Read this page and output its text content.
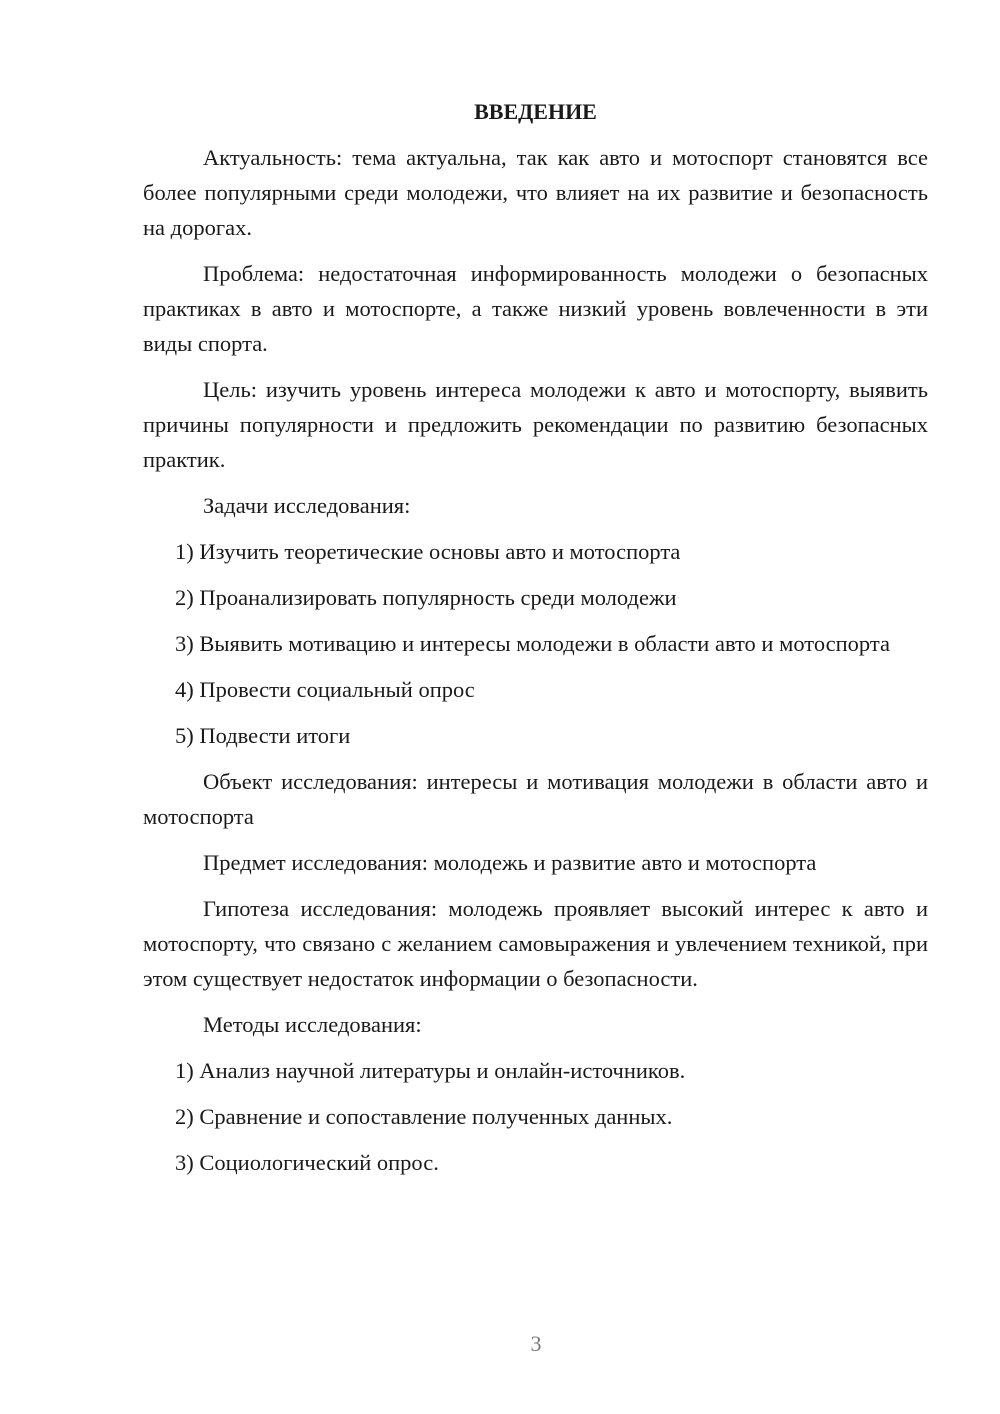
ВВЕДЕНИЕ
Актуальность: тема актуальна, так как авто и мотоспорт становятся все более популярными среди молодежи, что влияет на их развитие и безопасность на дорогах.
Проблема: недостаточная информированность молодежи о безопасных практиках в авто и мотоспорте, а также низкий уровень вовлеченности в эти виды спорта.
Цель: изучить уровень интереса молодежи к авто и мотоспорту, выявить причины популярности и предложить рекомендации по развитию безопасных практик.
Задачи исследования:
1) Изучить теоретические основы авто и мотоспорта
2) Проанализировать популярность среди молодежи
3) Выявить мотивацию и интересы молодежи в области авто и мотоспорта
4) Провести социальный опрос
5) Подвести итоги
Объект исследования: интересы и мотивация молодежи в области авто и мотоспорта
Предмет исследования: молодежь и развитие авто и мотоспорта
Гипотеза исследования: молодежь проявляет высокий интерес к авто и мотоспорту, что связано с желанием самовыражения и увлечением техникой, при этом существует недостаток информации о безопасности.
Методы исследования:
1) Анализ научной литературы и онлайн-источников.
2) Сравнение и сопоставление полученных данных.
3) Социологический опрос.
3
